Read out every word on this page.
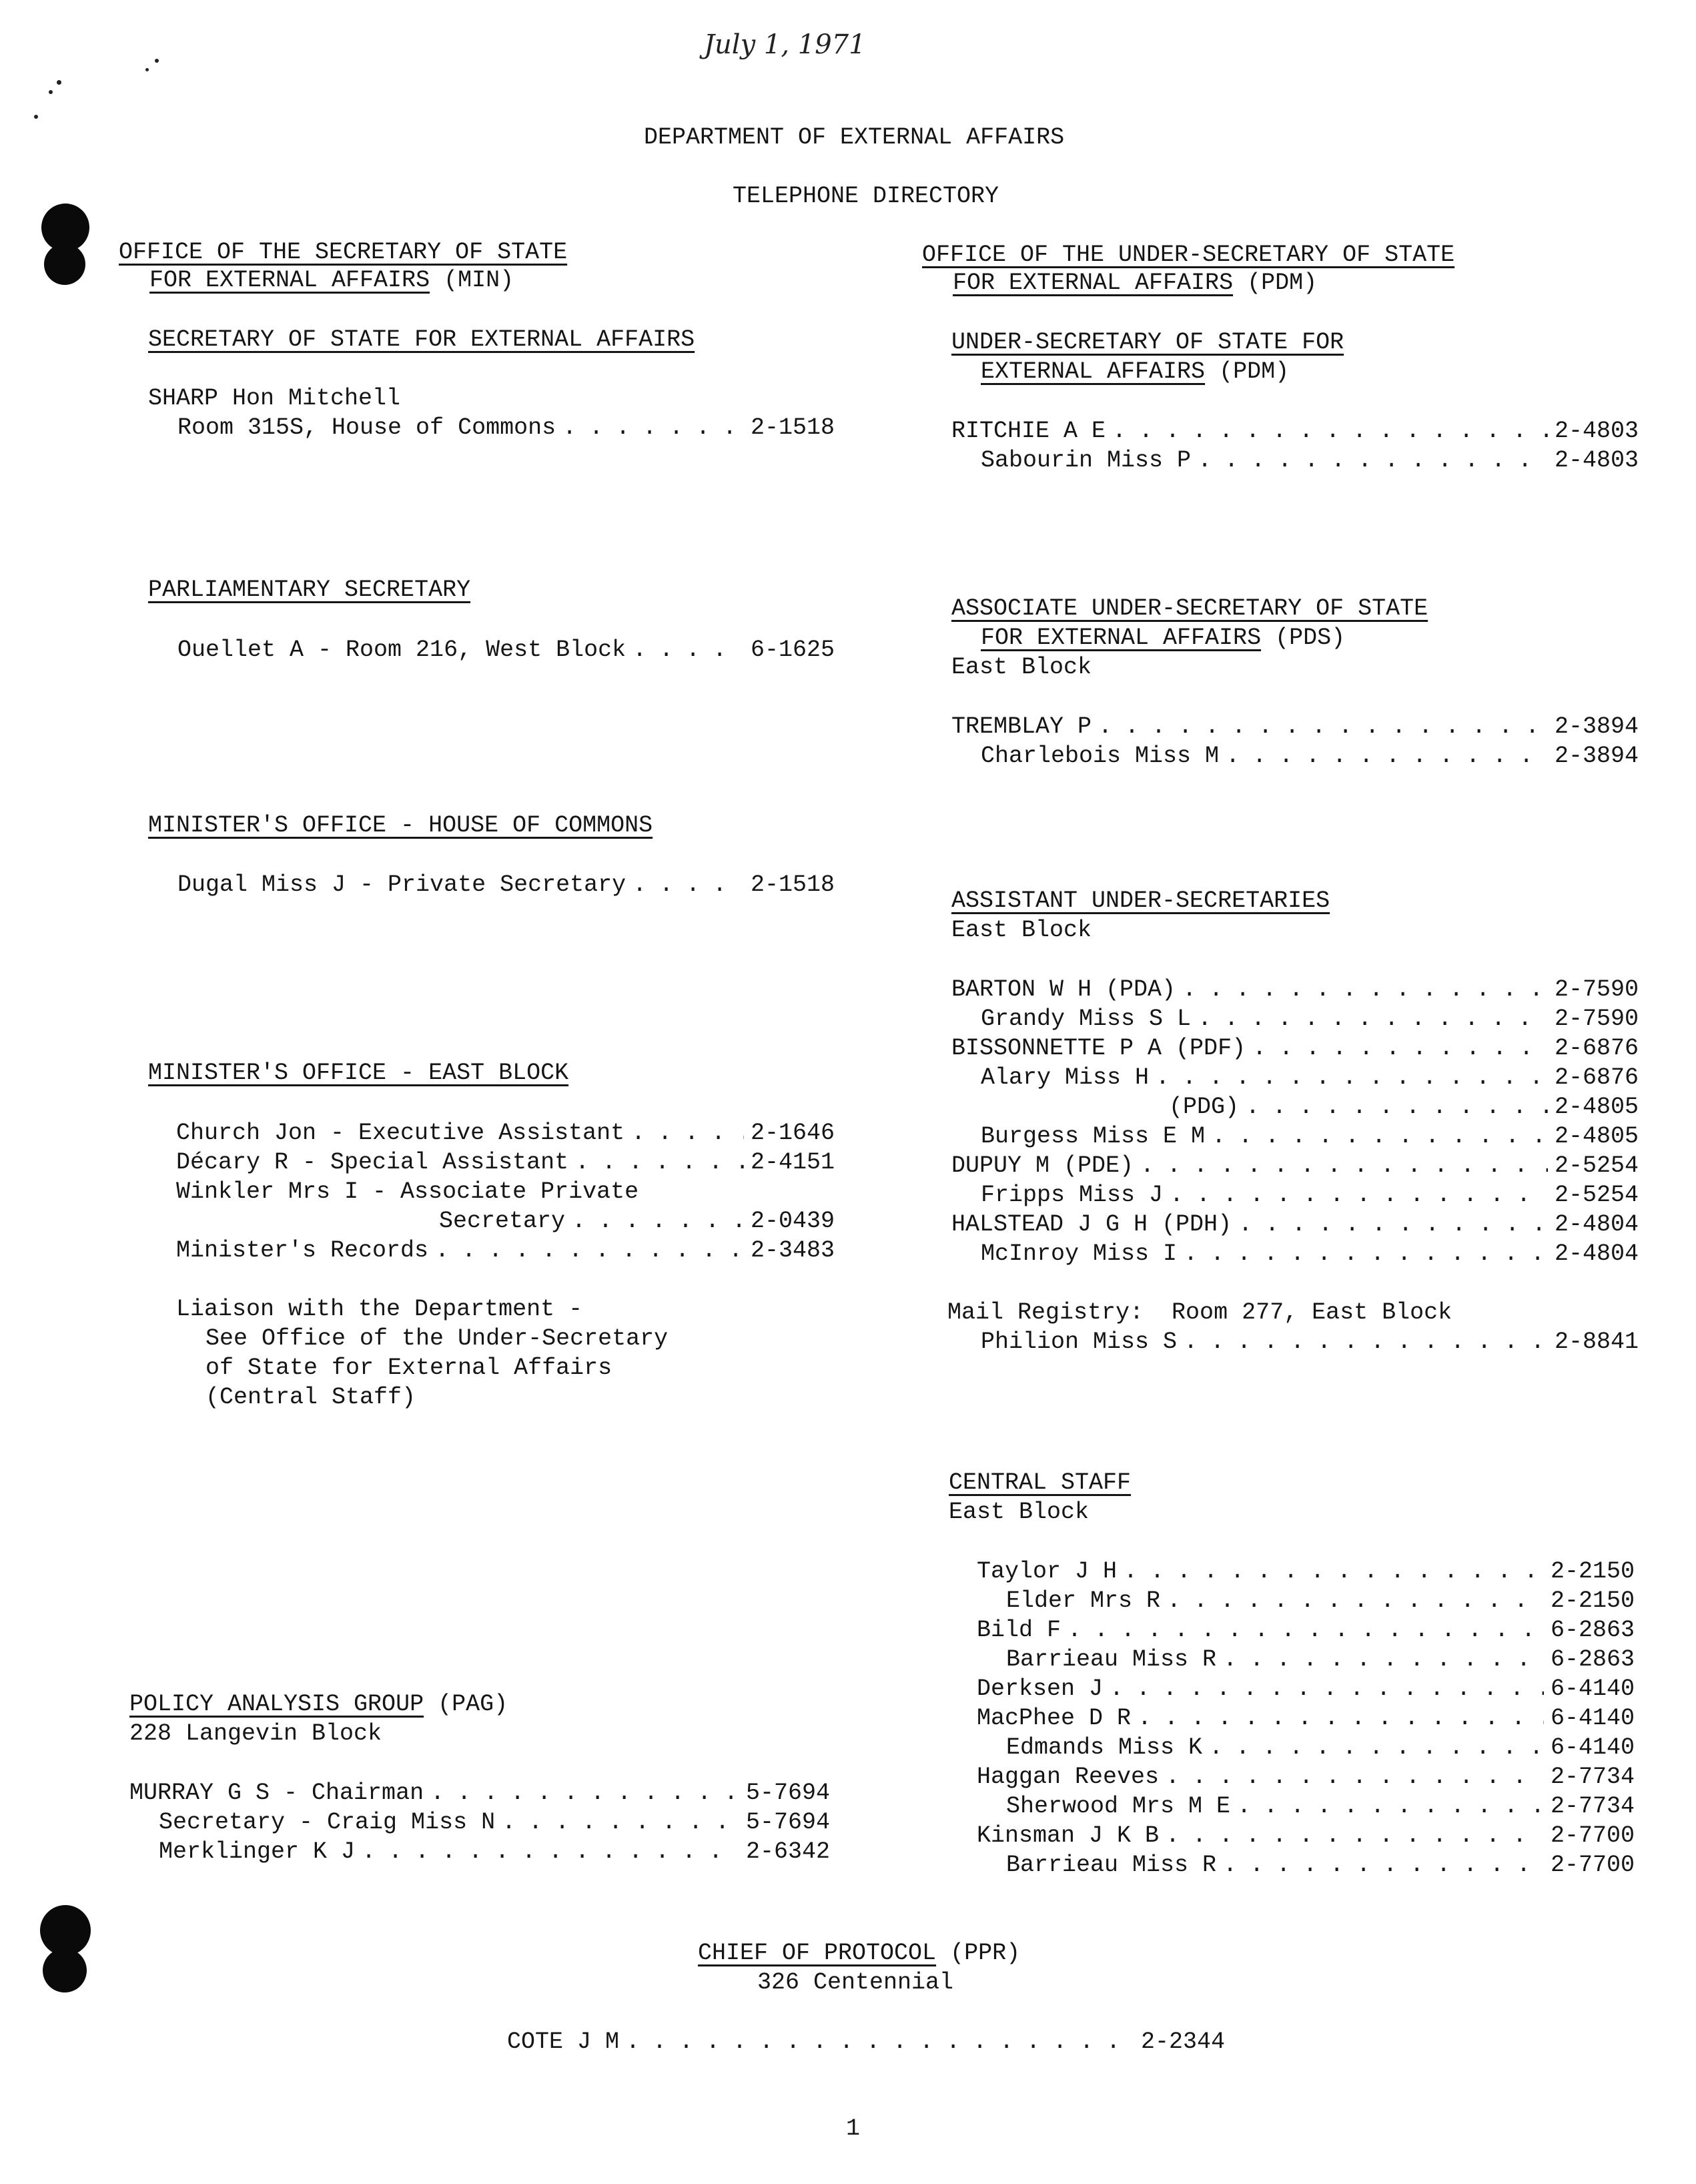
July 1, 1971
DEPARTMENT OF EXTERNAL AFFAIRS
TELEPHONE DIRECTORY
OFFICE OF THE SECRETARY OF STATE
FOR EXTERNAL AFFAIRS (MIN)
SECRETARY OF STATE FOR EXTERNAL AFFAIRS
SHARP Hon Mitchell
Room 315S, House of Commons . . .	2-1518
PARLIAMENTARY SECRETARY
Ouellet A - Room 216, West Block . . .	6-1625
MINISTER'S OFFICE - HOUSE OF COMMONS
Dugal Miss J - Private Secretary . . .	2-1518
MINISTER'S OFFICE - EAST BLOCK
Church Jon - Executive Assistant . . .	2-1646
Décary R - Special Assistant . . .	2-4151
Winkler Mrs I - Associate Private
Secretary . . .	2-0439
Minister's Records . . .	2-3483
Liaison with the Department -
See Office of the Under-Secretary
of State for External Affairs
(Central Staff)
POLICY ANALYSIS GROUP (PAG)
228 Langevin Block
MURRAY G S - Chairman . . .	5-7694
Secretary - Craig Miss N . . .	5-7694
Merklinger K J . . .	2-6342
OFFICE OF THE UNDER-SECRETARY OF STATE
FOR EXTERNAL AFFAIRS (PDM)
UNDER-SECRETARY OF STATE FOR
EXTERNAL AFFAIRS (PDM)
RITCHIE A E . . .	2-4803
Sabourin Miss P . . .	2-4803
ASSOCIATE UNDER-SECRETARY OF STATE
FOR EXTERNAL AFFAIRS (PDS)
East Block
TREMBLAY P . . .	2-3894
Charlebois Miss M . . .	2-3894
ASSISTANT UNDER-SECRETARIES
East Block
BARTON W H (PDA) . . .	2-7590
Grandy Miss S L . . .	2-7590
BISSONNETTE P A (PDF) . . .	2-6876
Alary Miss H . . .	2-6876
(PDG) . . .	2-4805
Burgess Miss E M . . .	2-4805
DUPUY M (PDE) . . .	2-5254
Fripps Miss J . . .	2-5254
HALSTEAD J G H (PDH) . . .	2-4804
McInroy Miss I . . .	2-4804
Mail Registry:  Room 277, East Block
Philion Miss S . . .	2-8841
CENTRAL STAFF
East Block
Taylor J H . . .	2-2150
Elder Mrs R . . .	2-2150
Bild F . . .	6-2863
Barrieau Miss R . . .	6-2863
Derksen J . . .	6-4140
MacPhee D R . . .	6-4140
Edmands Miss K . . .	6-4140
Haggan Reeves . . .	2-7734
Sherwood Mrs M E . . .	2-7734
Kinsman J K B . . .	2-7700
Barrieau Miss R . . .	2-7700
CHIEF OF PROTOCOL (PPR)
326 Centennial
COTE J M . . .	2-2344
1
